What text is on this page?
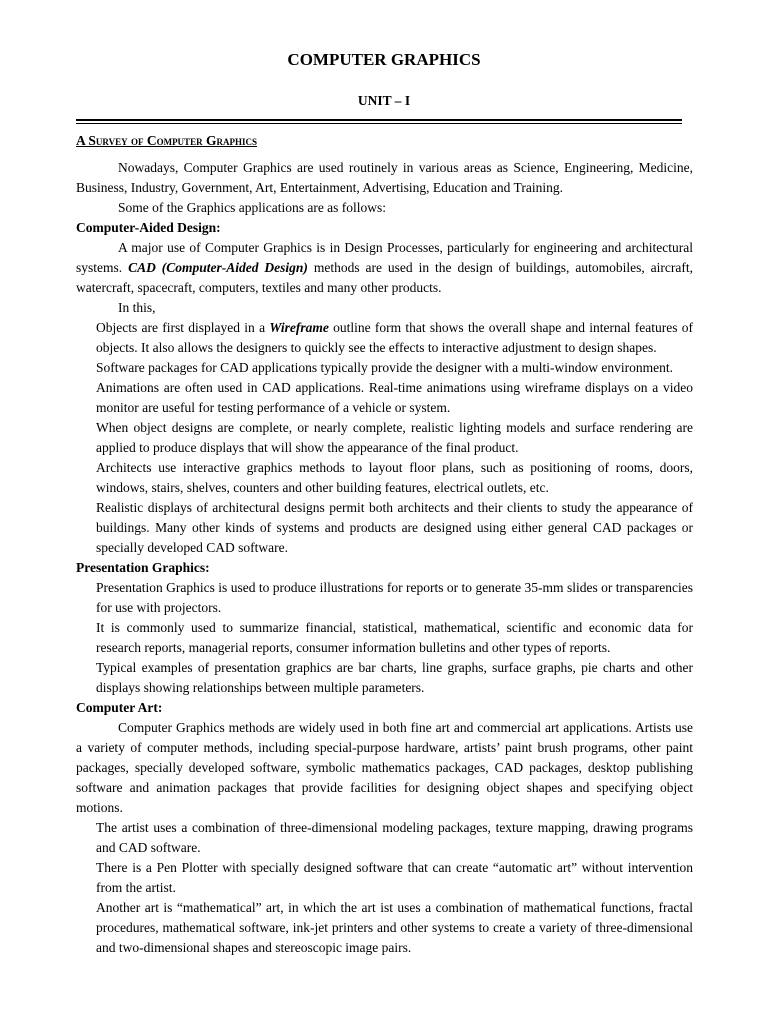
COMPUTER GRAPHICS
UNIT – I
A Survey of Computer Graphics

Nowadays, Computer Graphics are used routinely in various areas as Science, Engineering, Medicine, Business, Industry, Government, Art, Entertainment, Advertising, Education and Training.

Some of the Graphics applications are as follows:

Computer-Aided Design:

A major use of Computer Graphics is in Design Processes, particularly for engineering and architectural systems. CAD (Computer-Aided Design) methods are used in the design of buildings, automobiles, aircraft, watercraft, spacecraft, computers, textiles and many other products.

In this,

Objects are first displayed in a Wireframe outline form that shows the overall shape and internal features of objects. It also allows the designers to quickly see the effects to interactive adjustment to design shapes.

Software packages for CAD applications typically provide the designer with a multi-window environment.

Animations are often used in CAD applications. Real-time animations using wireframe displays on a video monitor are useful for testing performance of a vehicle or system.

When object designs are complete, or nearly complete, realistic lighting models and surface rendering are applied to produce displays that will show the appearance of the final product.

Architects use interactive graphics methods to layout floor plans, such as positioning of rooms, doors, windows, stairs, shelves, counters and other building features, electrical outlets, etc.

Realistic displays of architectural designs permit both architects and their clients to study the appearance of buildings. Many other kinds of systems and products are designed using either general CAD packages or specially developed CAD software.

Presentation Graphics:

Presentation Graphics is used to produce illustrations for reports or to generate 35-mm slides or transparencies for use with projectors.

It is commonly used to summarize financial, statistical, mathematical, scientific and economic data for research reports, managerial reports, consumer information bulletins and other types of reports.

Typical examples of presentation graphics are bar charts, line graphs, surface graphs, pie charts and other displays showing relationships between multiple parameters.

Computer Art:

Computer Graphics methods are widely used in both fine art and commercial art applications. Artists use a variety of computer methods, including special-purpose hardware, artists’ paint brush programs, other paint packages, specially developed software, symbolic mathematics packages, CAD packages, desktop publishing software and animation packages that provide facilities for designing object shapes and specifying object motions.

The artist uses a combination of three-dimensional modeling packages, texture mapping, drawing programs and CAD software.

There is a Pen Plotter with specially designed software that can create “automatic art” without intervention from the artist.

Another art is “mathematical” art, in which the art ist uses a combination of mathematical functions, fractal procedures, mathematical software, ink-jet printers and other systems to create a variety of three-dimensional and two-dimensional shapes and stereoscopic image pairs.
